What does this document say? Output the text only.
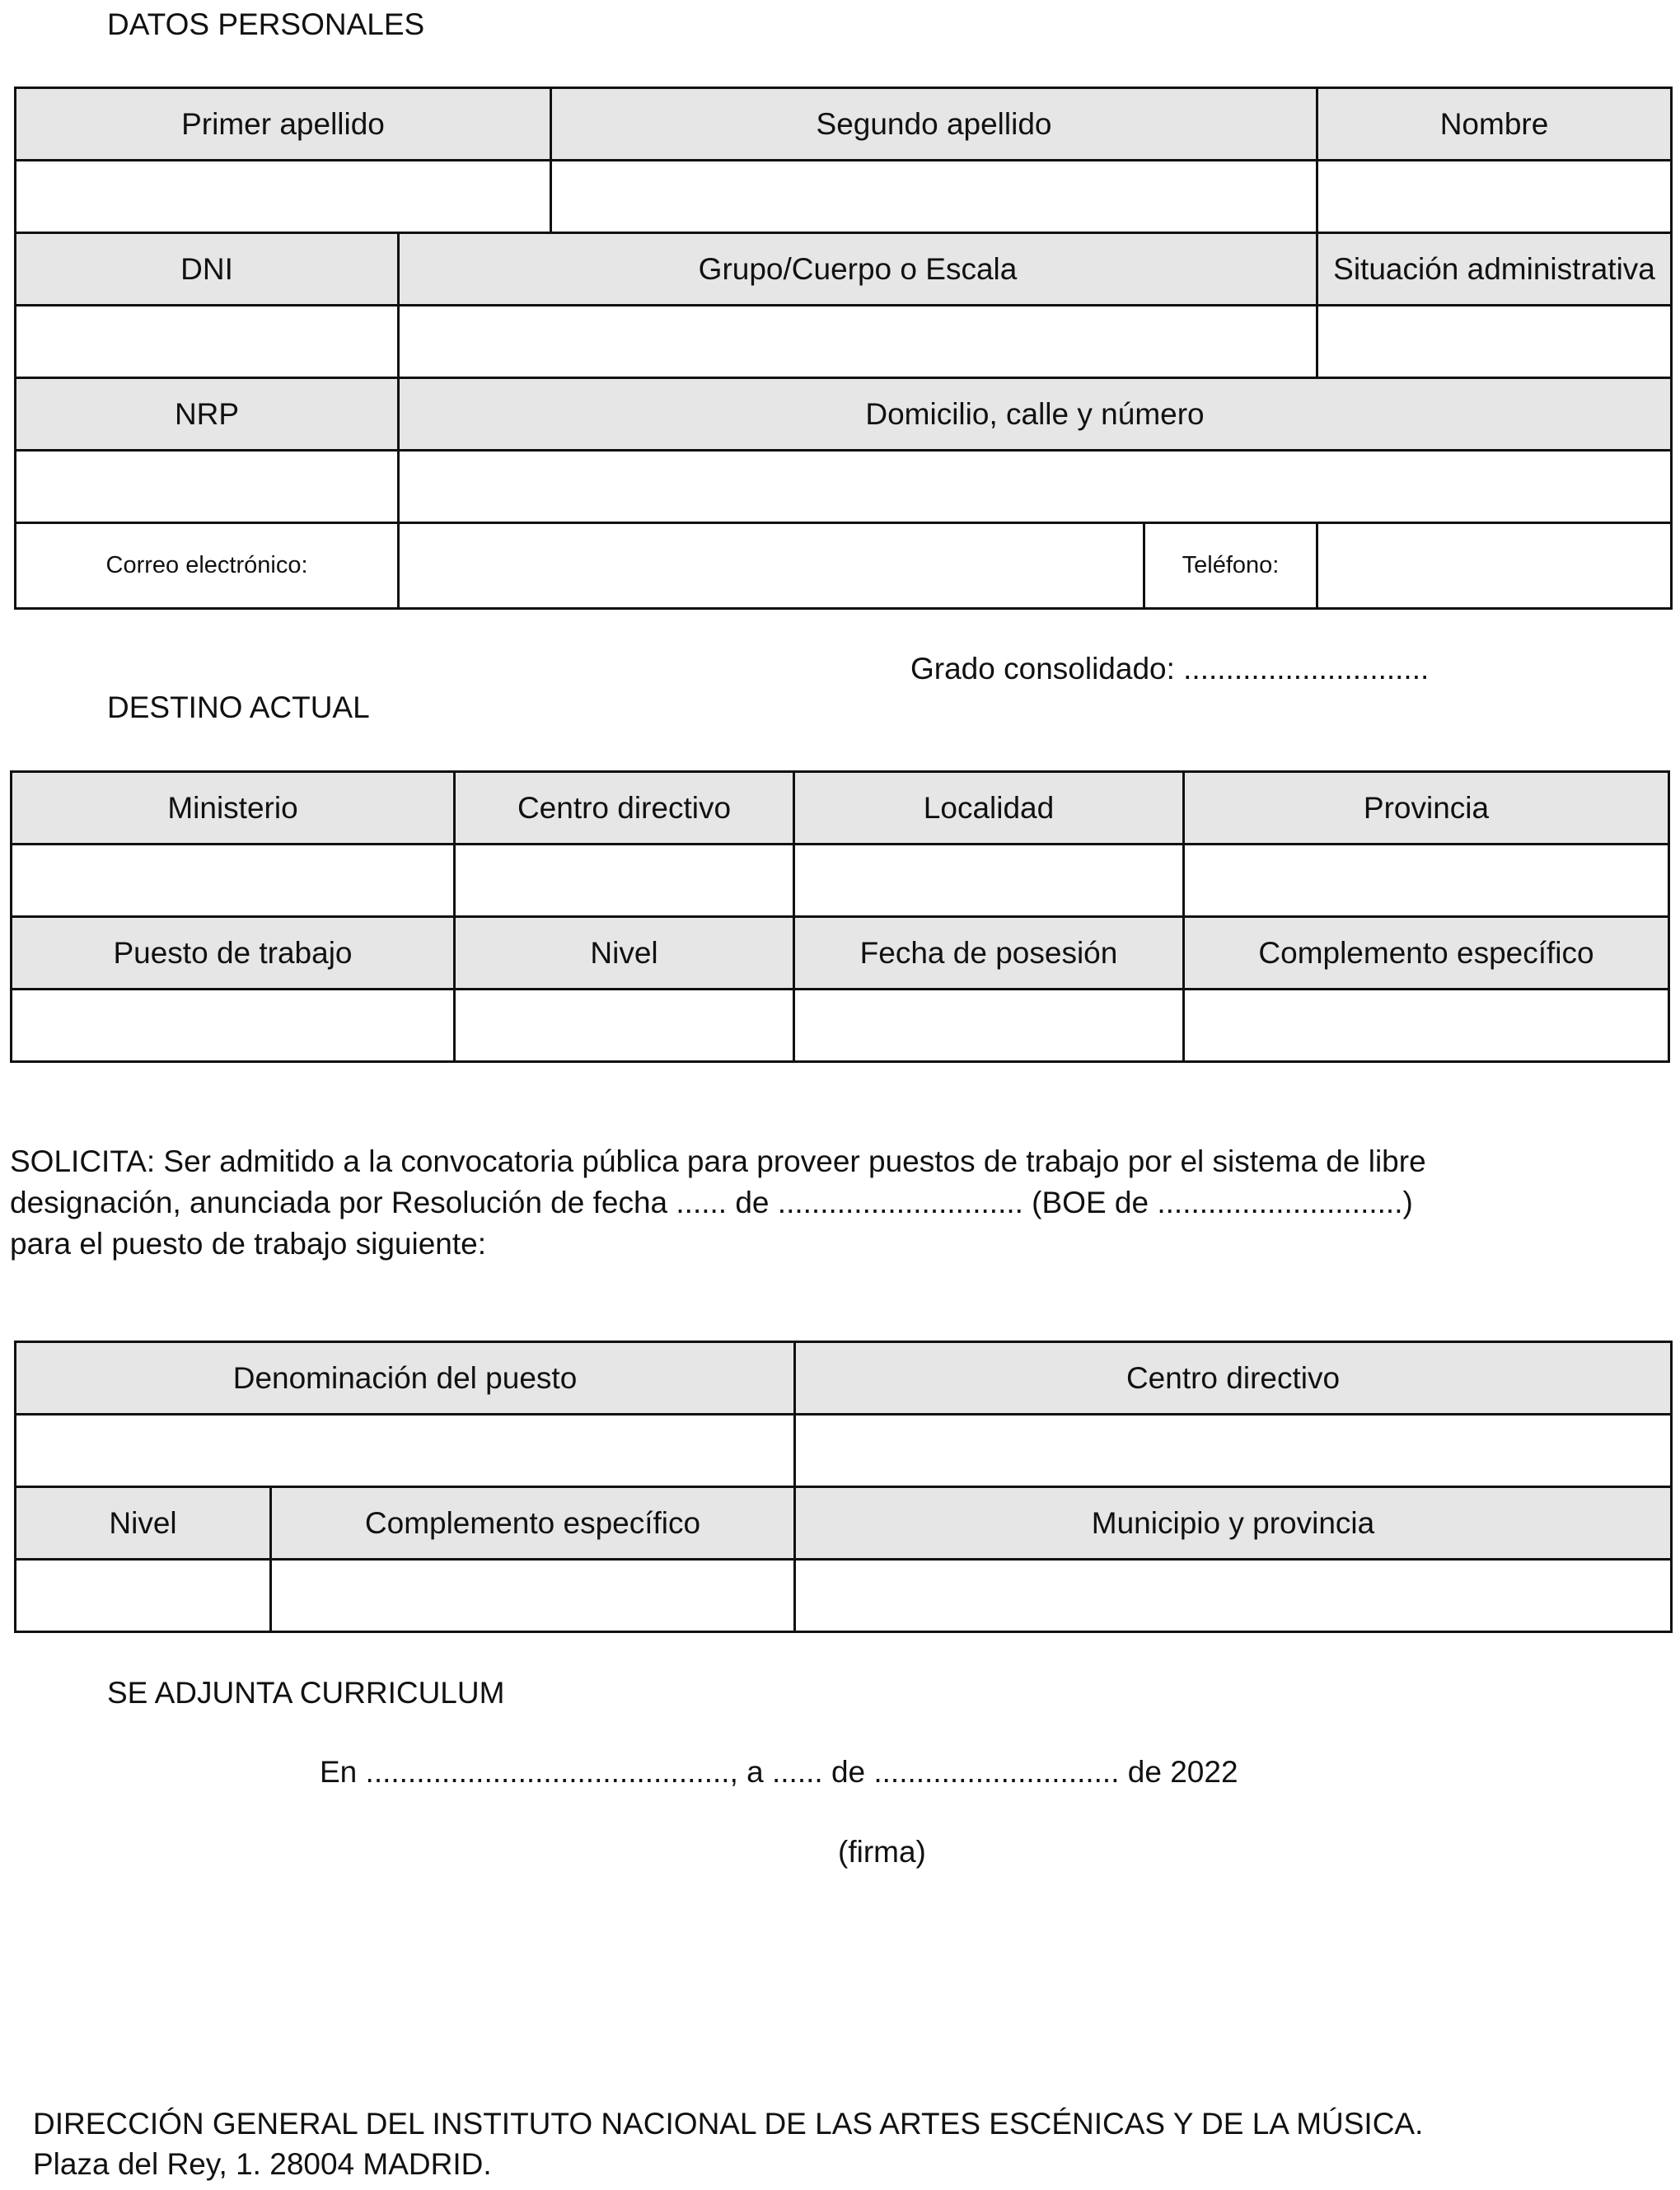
DATOS PERSONALES
Primer apellido		Segundo apellido		Nombre

DNI	Grupo/Cuerpo o Escala			Situación administrativa

NRP	Domicilio, calle y número			

Correo electrónico:			Teléfono:	
Grado consolidado: .............................
DESTINO ACTUAL
Ministerio	Centro directivo	Localidad	Provincia

Puesto de trabajo	Nivel	Fecha de posesión	Complemento específico

SOLICITA: Ser admitido a la convocatoria pública para proveer puestos de trabajo por el sistema de libre
designación, anunciada por Resolución de fecha ...... de ............................. (BOE de .............................)
para el puesto de trabajo siguiente:
Denominación del puesto		Centro directivo

Nivel	Complemento específico	Municipio y provincia

SE ADJUNTA CURRICULUM
En ..........................................., a ...... de ............................. de 2022
(firma)
DIRECCIÓN GENERAL DEL INSTITUTO NACIONAL DE LAS ARTES ESCÉNICAS Y DE LA MÚSICA.
Plaza del Rey, 1. 28004 MADRID.
